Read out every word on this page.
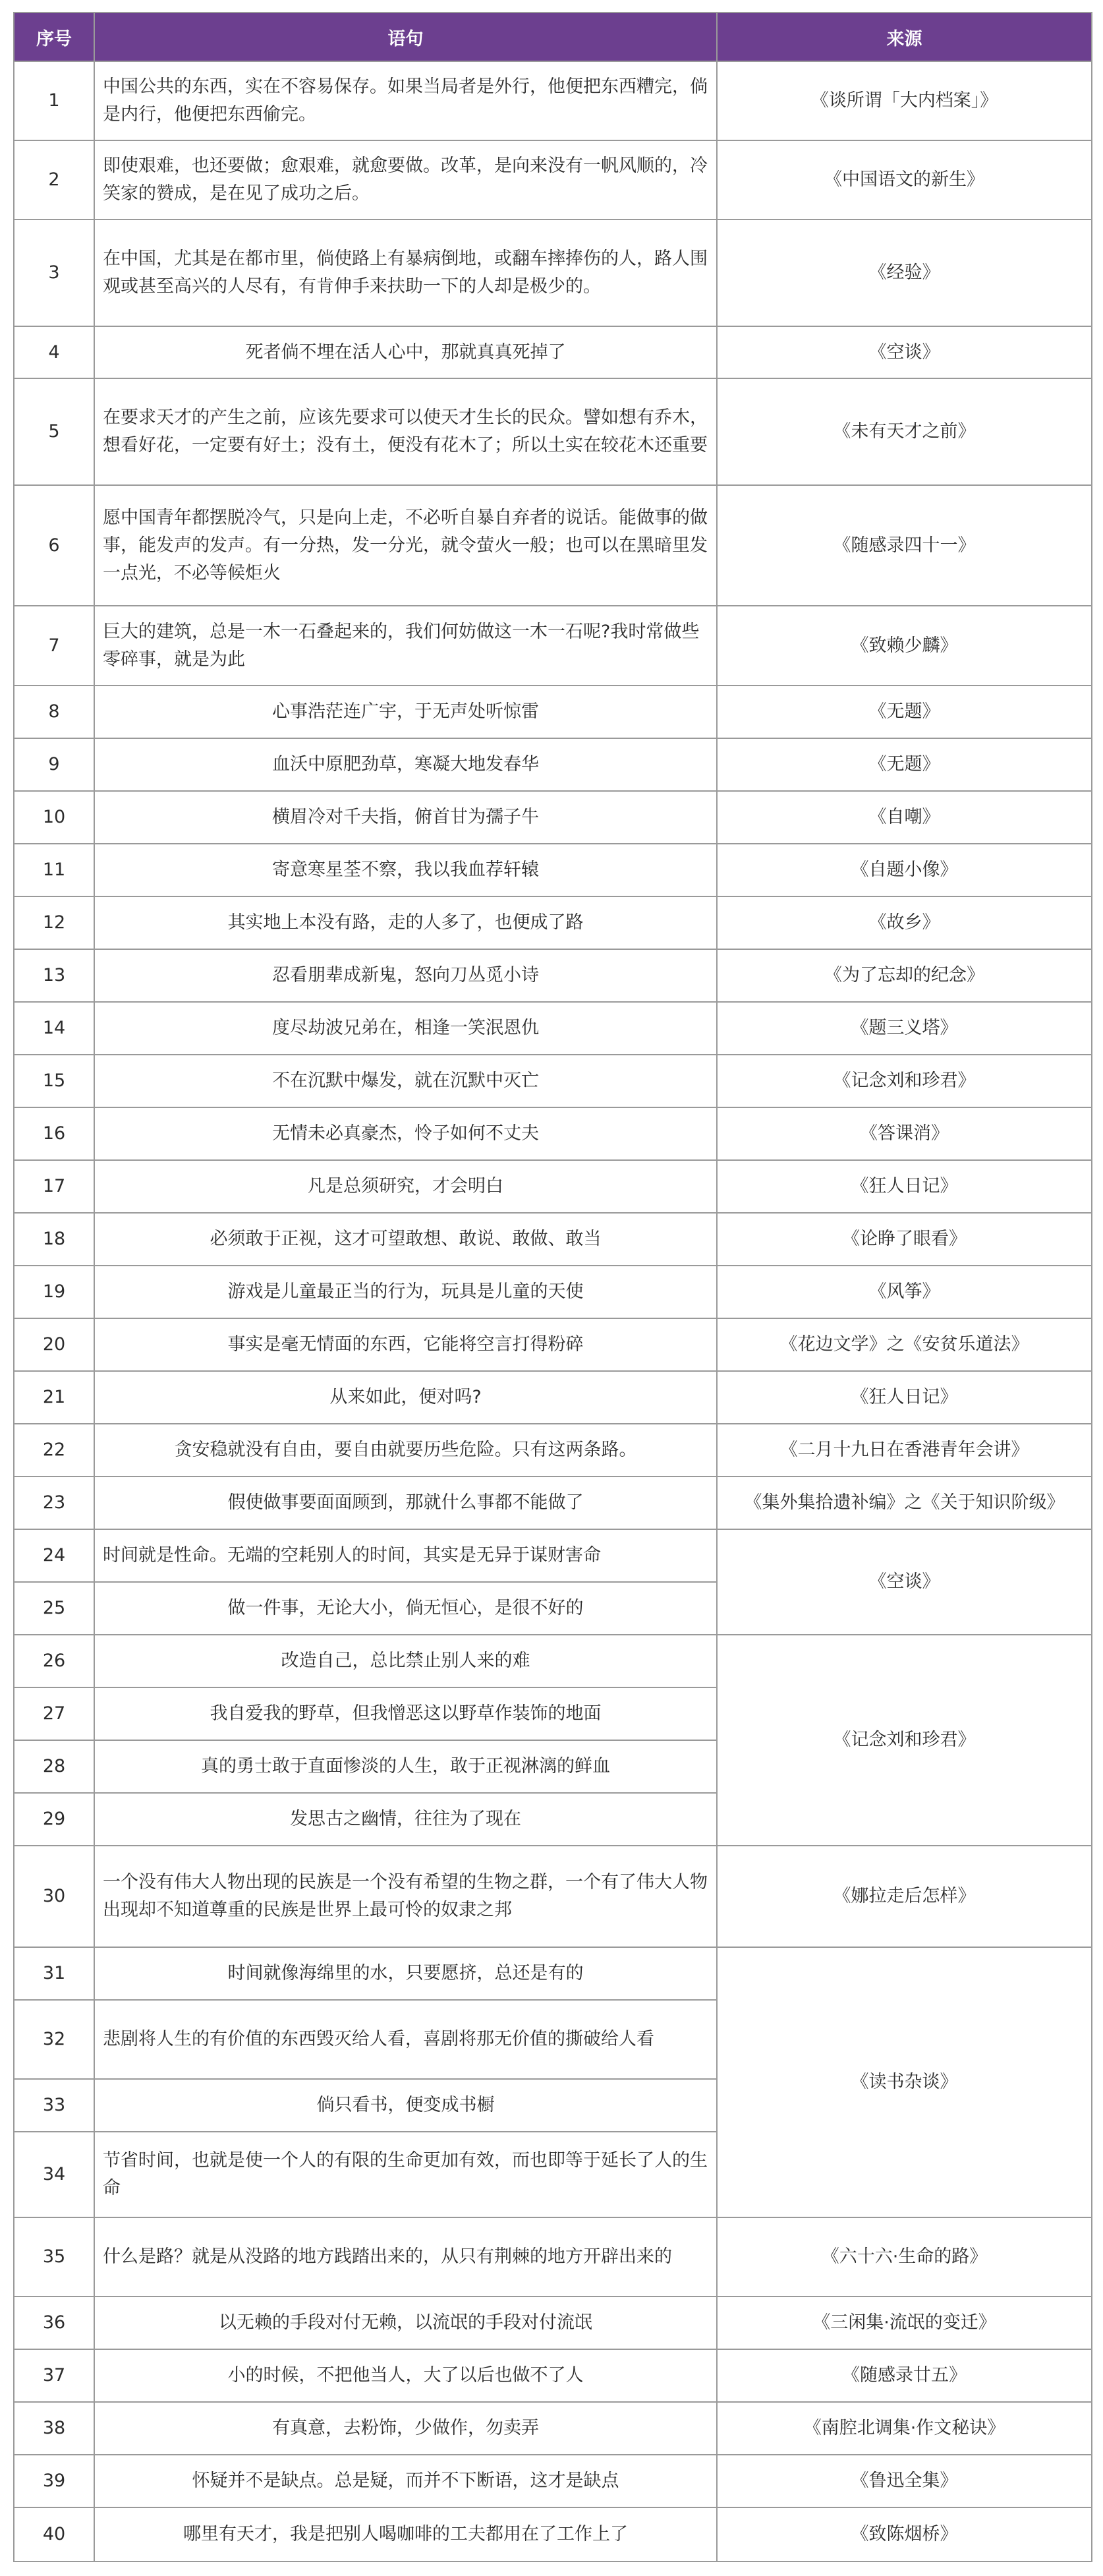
序号	语句	来源
1	中国公共的东西，实在不容易保存。如果当局者是外行，他便把东西糟完，倘是内行，他便把东西偷完。	《谈所谓「大内档案」》
2	即使艰难，也还要做；愈艰难，就愈要做。改革，是向来没有一帆风顺的，冷笑家的赞成，是在见了成功之后。	《中国语文的新生》
3	在中国，尤其是在都市里，倘使路上有暴病倒地，或翻车摔捧伤的人，路人围观或甚至高兴的人尽有，有肯伸手来扶助一下的人却是极少的。	《经验》
4	死者倘不埋在活人心中，那就真真死掉了	《空谈》
5	在要求天才的产生之前，应该先要求可以使天才生长的民众。譬如想有乔木，想看好花，一定要有好土；没有土，便没有花木了；所以土实在较花木还重要	《未有天才之前》
6	愿中国青年都摆脱冷气，只是向上走，不必听自暴自弃者的说话。能做事的做事，能发声的发声。有一分热，发一分光，就令萤火一般；也可以在黑暗里发一点光，不必等候炬火	《随感录四十一》
7	巨大的建筑，总是一木一石叠起来的，我们何妨做这一木一石呢?我时常做些零碎事，就是为此	《致赖少麟》
8	心事浩茫连广宇，于无声处听惊雷	《无题》
9	血沃中原肥劲草，寒凝大地发春华	《无题》
10	横眉冷对千夫指，俯首甘为孺子牛	《自嘲》
11	寄意寒星荃不察，我以我血荐轩辕	《自题小像》
12	其实地上本没有路，走的人多了，也便成了路	《故乡》
13	忍看朋辈成新鬼，怒向刀丛觅小诗	《为了忘却的纪念》
14	度尽劫波兄弟在，相逢一笑泯恩仇	《题三义塔》
15	不在沉默中爆发，就在沉默中灭亡	《记念刘和珍君》
16	无情未必真豪杰，怜子如何不丈夫	《答课消》
17	凡是总须研究，才会明白	《狂人日记》
18	必须敢于正视，这才可望敢想、敢说、敢做、敢当	《论睁了眼看》
19	游戏是儿童最正当的行为，玩具是儿童的天使	《风筝》
20	事实是毫无情面的东西，它能将空言打得粉碎	《花边文学》之《安贫乐道法》
21	从来如此，便对吗?	《狂人日记》
22	贪安稳就没有自由，要自由就要历些危险。只有这两条路。	《二月十九日在香港青年会讲》
23	假使做事要面面顾到，那就什么事都不能做了	《集外集拾遗补编》之《关于知识阶级》
24	时间就是性命。无端的空耗别人的时间，其实是无异于谋财害命	《空谈》
25	做一件事，无论大小，倘无恒心，是很不好的	
26	改造自己，总比禁止别人来的难	《记念刘和珍君》
27	我自爱我的野草，但我憎恶这以野草作装饰的地面	
28	真的勇士敢于直面惨淡的人生，敢于正视淋漓的鲜血	
29	发思古之幽情，往往为了现在	
30	一个没有伟大人物出现的民族是一个没有希望的生物之群，一个有了伟大人物出现却不知道尊重的民族是世界上最可怜的奴隶之邦	《娜拉走后怎样》
31	时间就像海绵里的水，只要愿挤，总还是有的	《读书杂谈》
32	悲剧将人生的有价值的东西毁灭给人看，喜剧将那无价值的撕破给人看	
33	倘只看书，便变成书橱	
34	节省时间，也就是使一个人的有限的生命更加有效，而也即等于延长了人的生命	
35	什么是路？就是从没路的地方践踏出来的，从只有荆棘的地方开辟出来的	《六十六·生命的路》
36	以无赖的手段对付无赖，以流氓的手段对付流氓	《三闲集·流氓的变迁》
37	小的时候，不把他当人，大了以后也做不了人	《随感录廿五》
38	有真意，去粉饰，少做作，勿卖弄	《南腔北调集·作文秘诀》
39	怀疑并不是缺点。总是疑，而并不下断语，这才是缺点	《鲁迅全集》
40	哪里有天才，我是把别人喝咖啡的工夫都用在了工作上了	《致陈烟桥》
